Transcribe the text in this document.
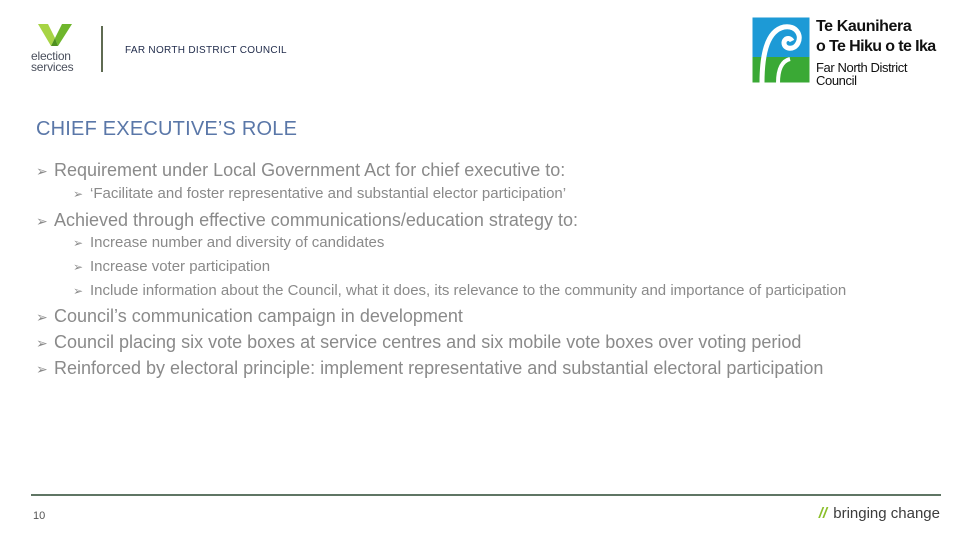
election
services
FAR NORTH DISTRICT COUNCIL
Te Kaunihera
o Te Hiku o te Ika
Far North District Council
CHIEF EXECUTIVE’S ROLE
➢ Requirement under Local Government Act for chief executive to:
➢ ‘Facilitate and foster representative and substantial elector participation’
➢ Achieved through effective communications/education strategy to:
➢ Increase number and diversity of candidates
➢ Increase voter participation
➢ Include information about the Council, what it does, its relevance to the community and importance of participation
➢ Council’s communication campaign in development
➢ Council placing six vote boxes at service centres and six mobile vote boxes over voting period
➢ Reinforced by electoral principle: implement representative and substantial electoral participation
10	// bringing change
